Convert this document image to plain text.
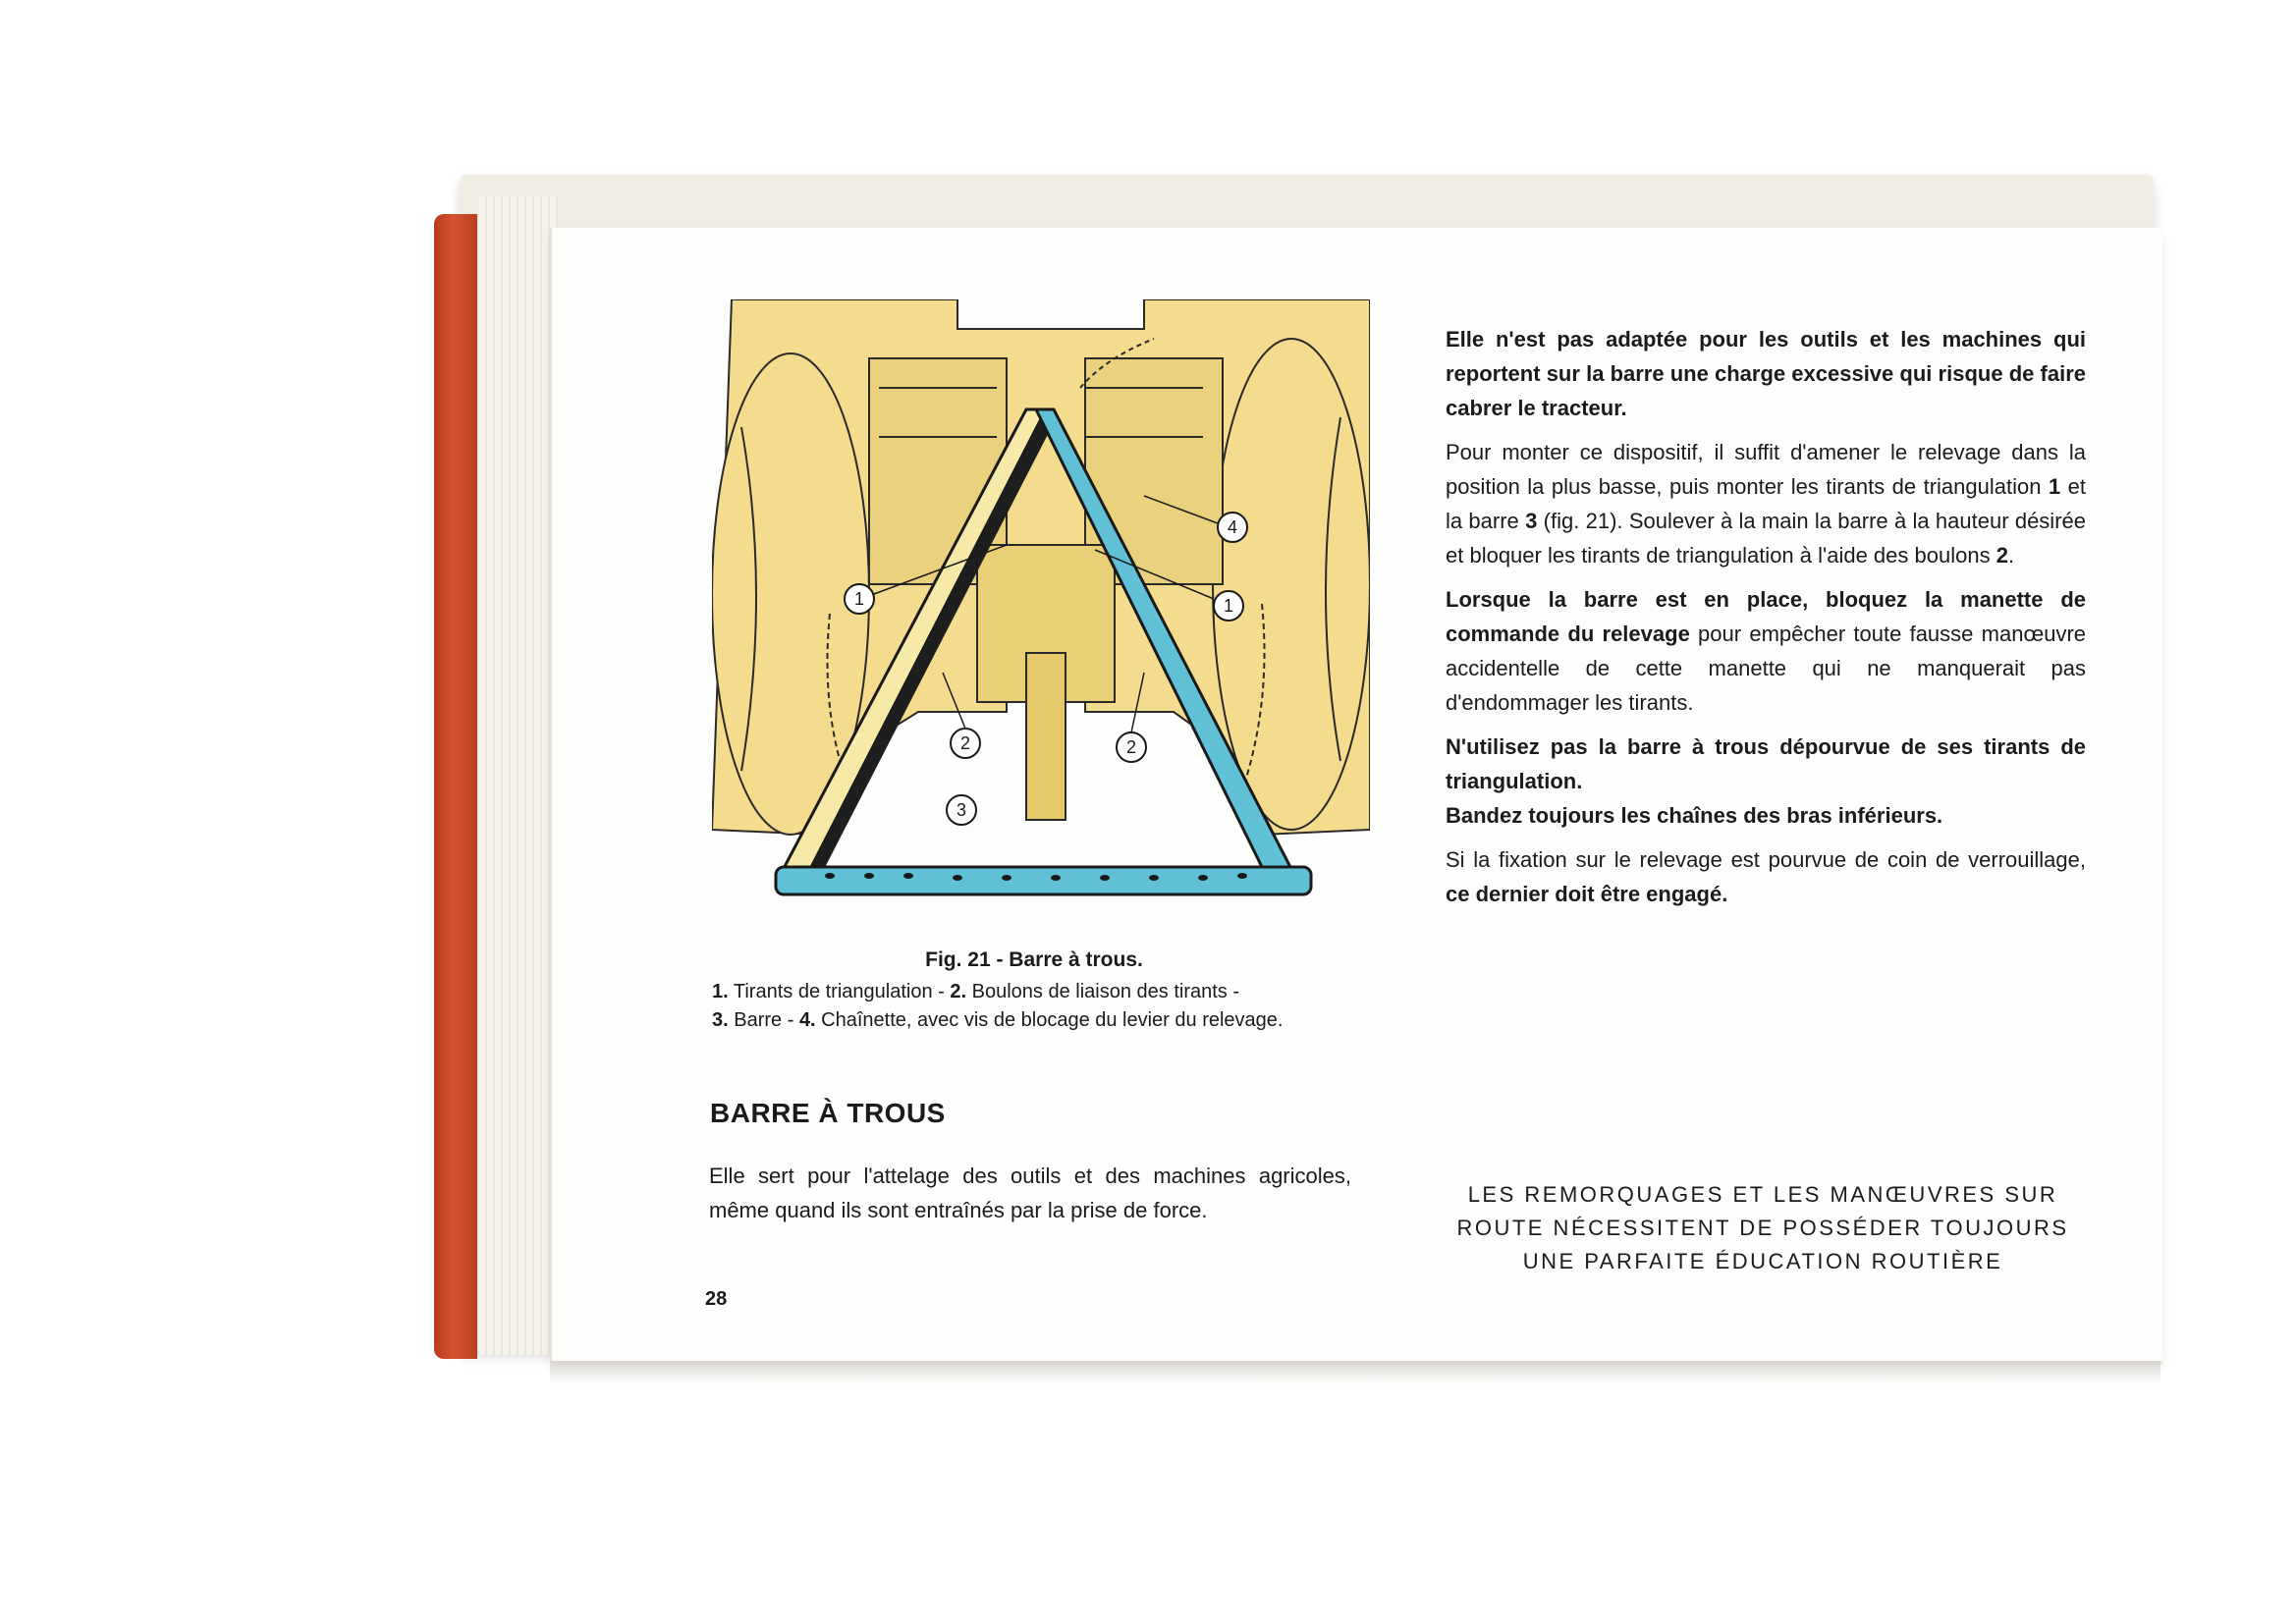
1	1
2	2
3
4
Fig. 21 - Barre à trous.
1. Tirants de triangulation - 2. Boulons de liaison des tirants -
3. Barre - 4. Chaînette, avec vis de blocage du levier du relevage.
BARRE À TROUS
Elle sert pour l'attelage des outils et des machines agricoles, même quand ils sont entraînés par la prise de force.
28

Elle n'est pas adaptée pour les outils et les machines qui reportent sur la barre une charge excessive qui risque de faire cabrer le tracteur.

Pour monter ce dispositif, il suffit d'amener le relevage dans la position la plus basse, puis monter les tirants de triangulation 1 et la barre 3 (fig. 21). Soulever à la main la barre à la hauteur désirée et bloquer les tirants de triangulation à l'aide des boulons 2.

Lorsque la barre est en place, bloquez la manette de commande du relevage pour empêcher toute fausse manœuvre accidentelle de cette manette qui ne manquerait pas d'endommager les tirants.

N'utilisez pas la barre à trous dépourvue de ses tirants de triangulation.

Bandez toujours les chaînes des bras inférieurs.

Si la fixation sur le relevage est pourvue de coin de verrouillage, ce dernier doit être engagé.

LES REMORQUAGES ET LES MANŒUVRES SUR
ROUTE NÉCESSITENT DE POSSÉDER TOUJOURS
UNE PARFAITE ÉDUCATION ROUTIÈRE
